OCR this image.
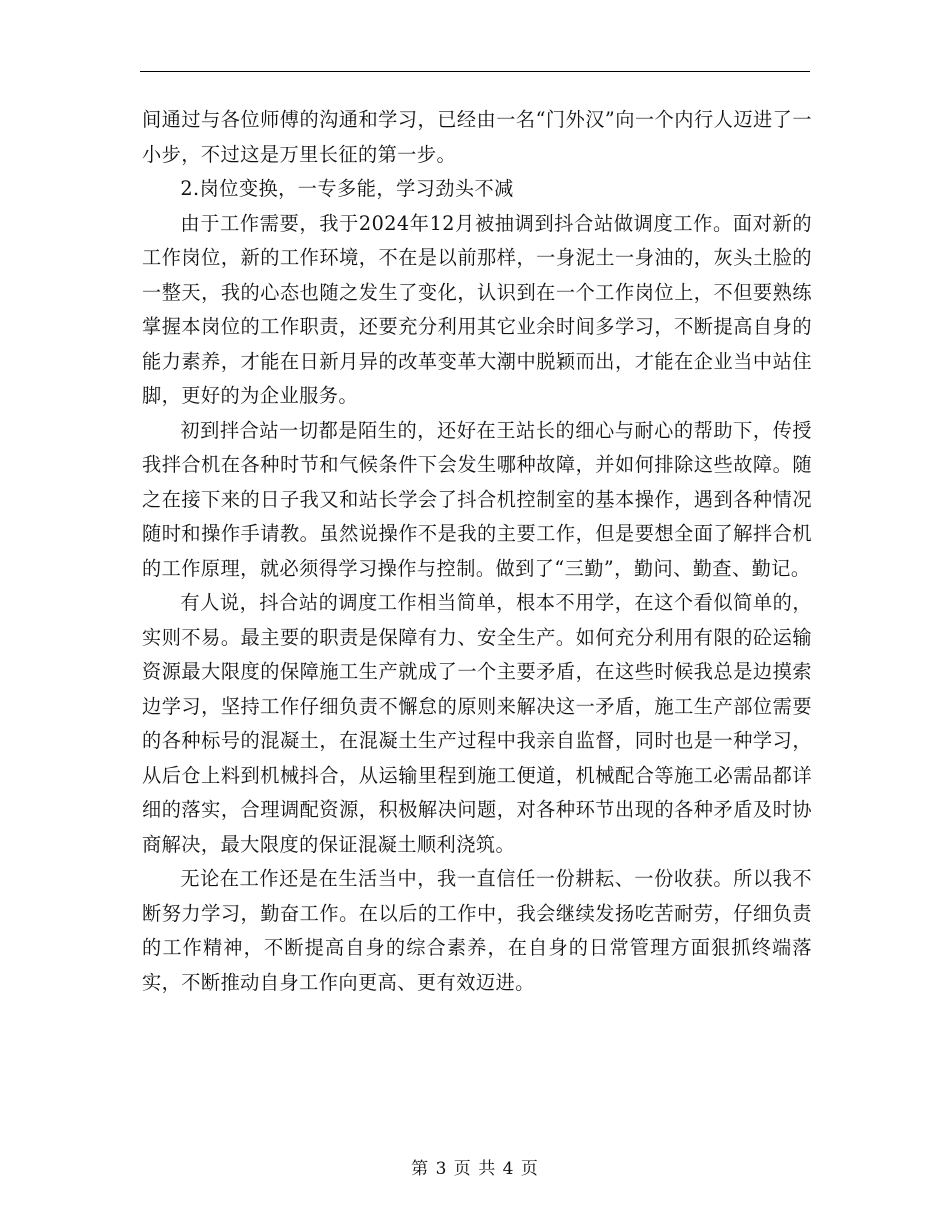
间通过与各位师傅的沟通和学习，已经由一名“门外汉”向一个内行人迈进了一小步，不过这是万里长征的第一步。

2.岗位变换，一专多能，学习劲头不减

由于工作需要，我于2024年12月被抽调到抖合站做调度工作。面对新的工作岗位，新的工作环境，不在是以前那样，一身泥土一身油的，灰头土脸的一整天，我的心态也随之发生了变化，认识到在一个工作岗位上，不但要熟练掌握本岗位的工作职责，还要充分利用其它业余时间多学习，不断提高自身的能力素养，才能在日新月异的改革变革大潮中脱颖而出，才能在企业当中站住脚，更好的为企业服务。

初到拌合站一切都是陌生的，还好在王站长的细心与耐心的帮助下，传授我拌合机在各种时节和气候条件下会发生哪种故障，并如何排除这些故障。随之在接下来的日子我又和站长学会了抖合机控制室的基本操作，遇到各种情况随时和操作手请教。虽然说操作不是我的主要工作，但是要想全面了解拌合机的工作原理，就必须得学习操作与控制。做到了“三勤”，勤问、勤查、勤记。

有人说，抖合站的调度工作相当简单，根本不用学，在这个看似简单的，实则不易。最主要的职责是保障有力、安全生产。如何充分利用有限的砼运输资源最大限度的保障施工生产就成了一个主要矛盾，在这些时候我总是边摸索边学习，坚持工作仔细负责不懈怠的原则来解决这一矛盾，施工生产部位需要的各种标号的混凝土，在混凝土生产过程中我亲自监督，同时也是一种学习，从后仓上料到机械抖合，从运输里程到施工便道，机械配合等施工必需品都详细的落实，合理调配资源，积极解决问题，对各种环节出现的各种矛盾及时协商解决，最大限度的保证混凝土顺利浇筑。

无论在工作还是在生活当中，我一直信任一份耕耘、一份收获。所以我不断努力学习，勤奋工作。在以后的工作中，我会继续发扬吃苦耐劳，仔细负责的工作精神，不断提高自身的综合素养，在自身的日常管理方面狠抓终端落实，不断推动自身工作向更高、更有效迈进。

第 3 页 共 4 页
